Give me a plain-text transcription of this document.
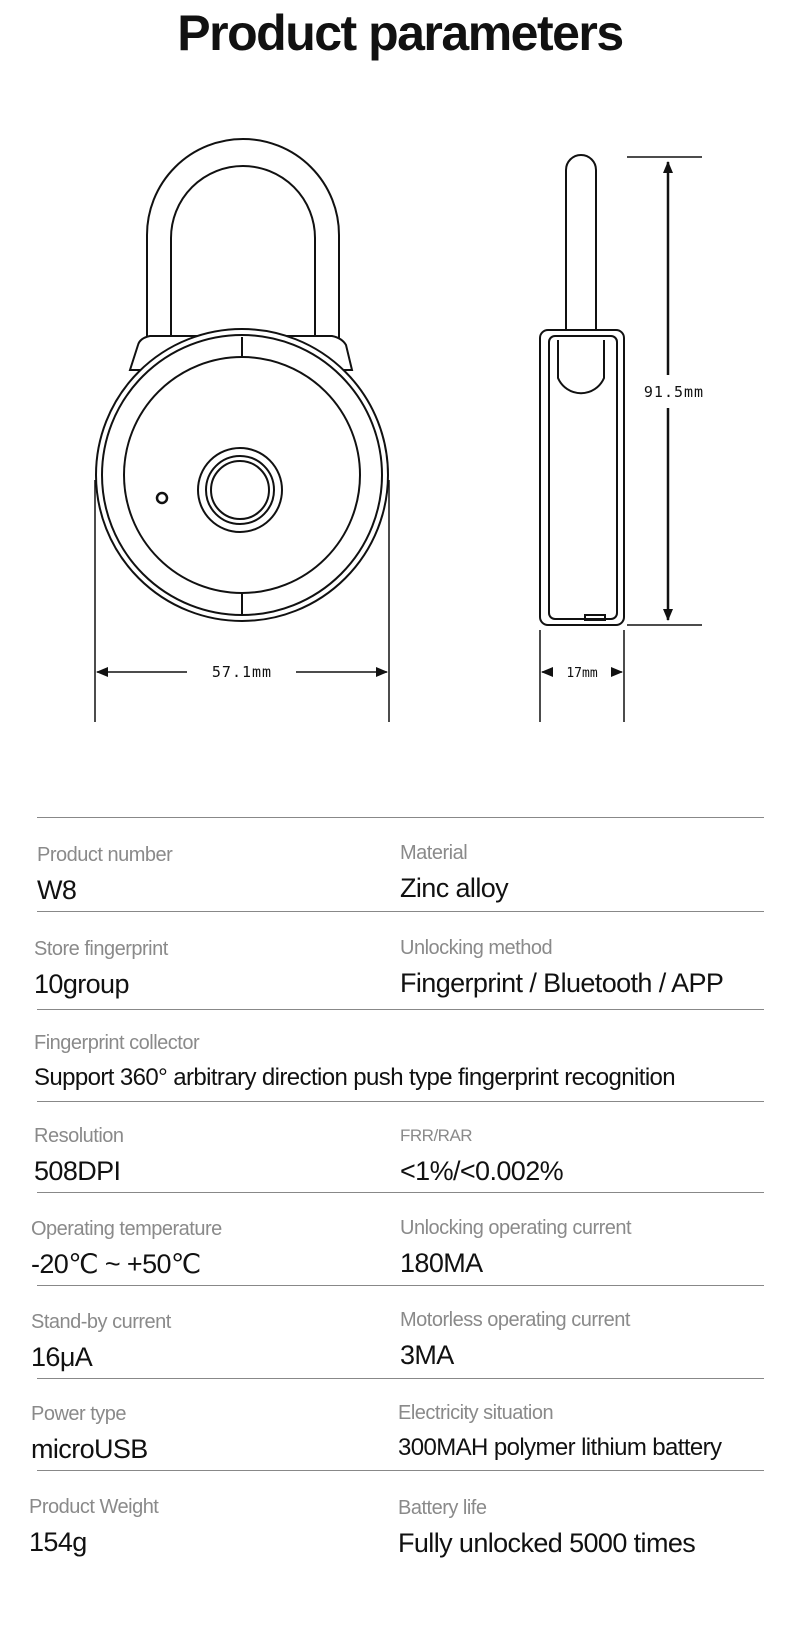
Product parameters
57.1mm	17mm
91.5mm
Product number
W8
Material
Zinc alloy
Store fingerprint
10group
Unlocking method
Fingerprint / Bluetooth / APP
Fingerprint collector
Support 360° arbitrary direction push type fingerprint recognition
Resolution
508DPI
FRR/RAR
<1%/<0.002%
Operating temperature
-20℃ ~ +50℃
Unlocking operating current
180MA
Stand-by current
16μA
Motorless operating current
3MA
Power type
microUSB
Electricity situation
300MAH polymer lithium battery
Product Weight
154g
Battery life
Fully unlocked 5000 times
